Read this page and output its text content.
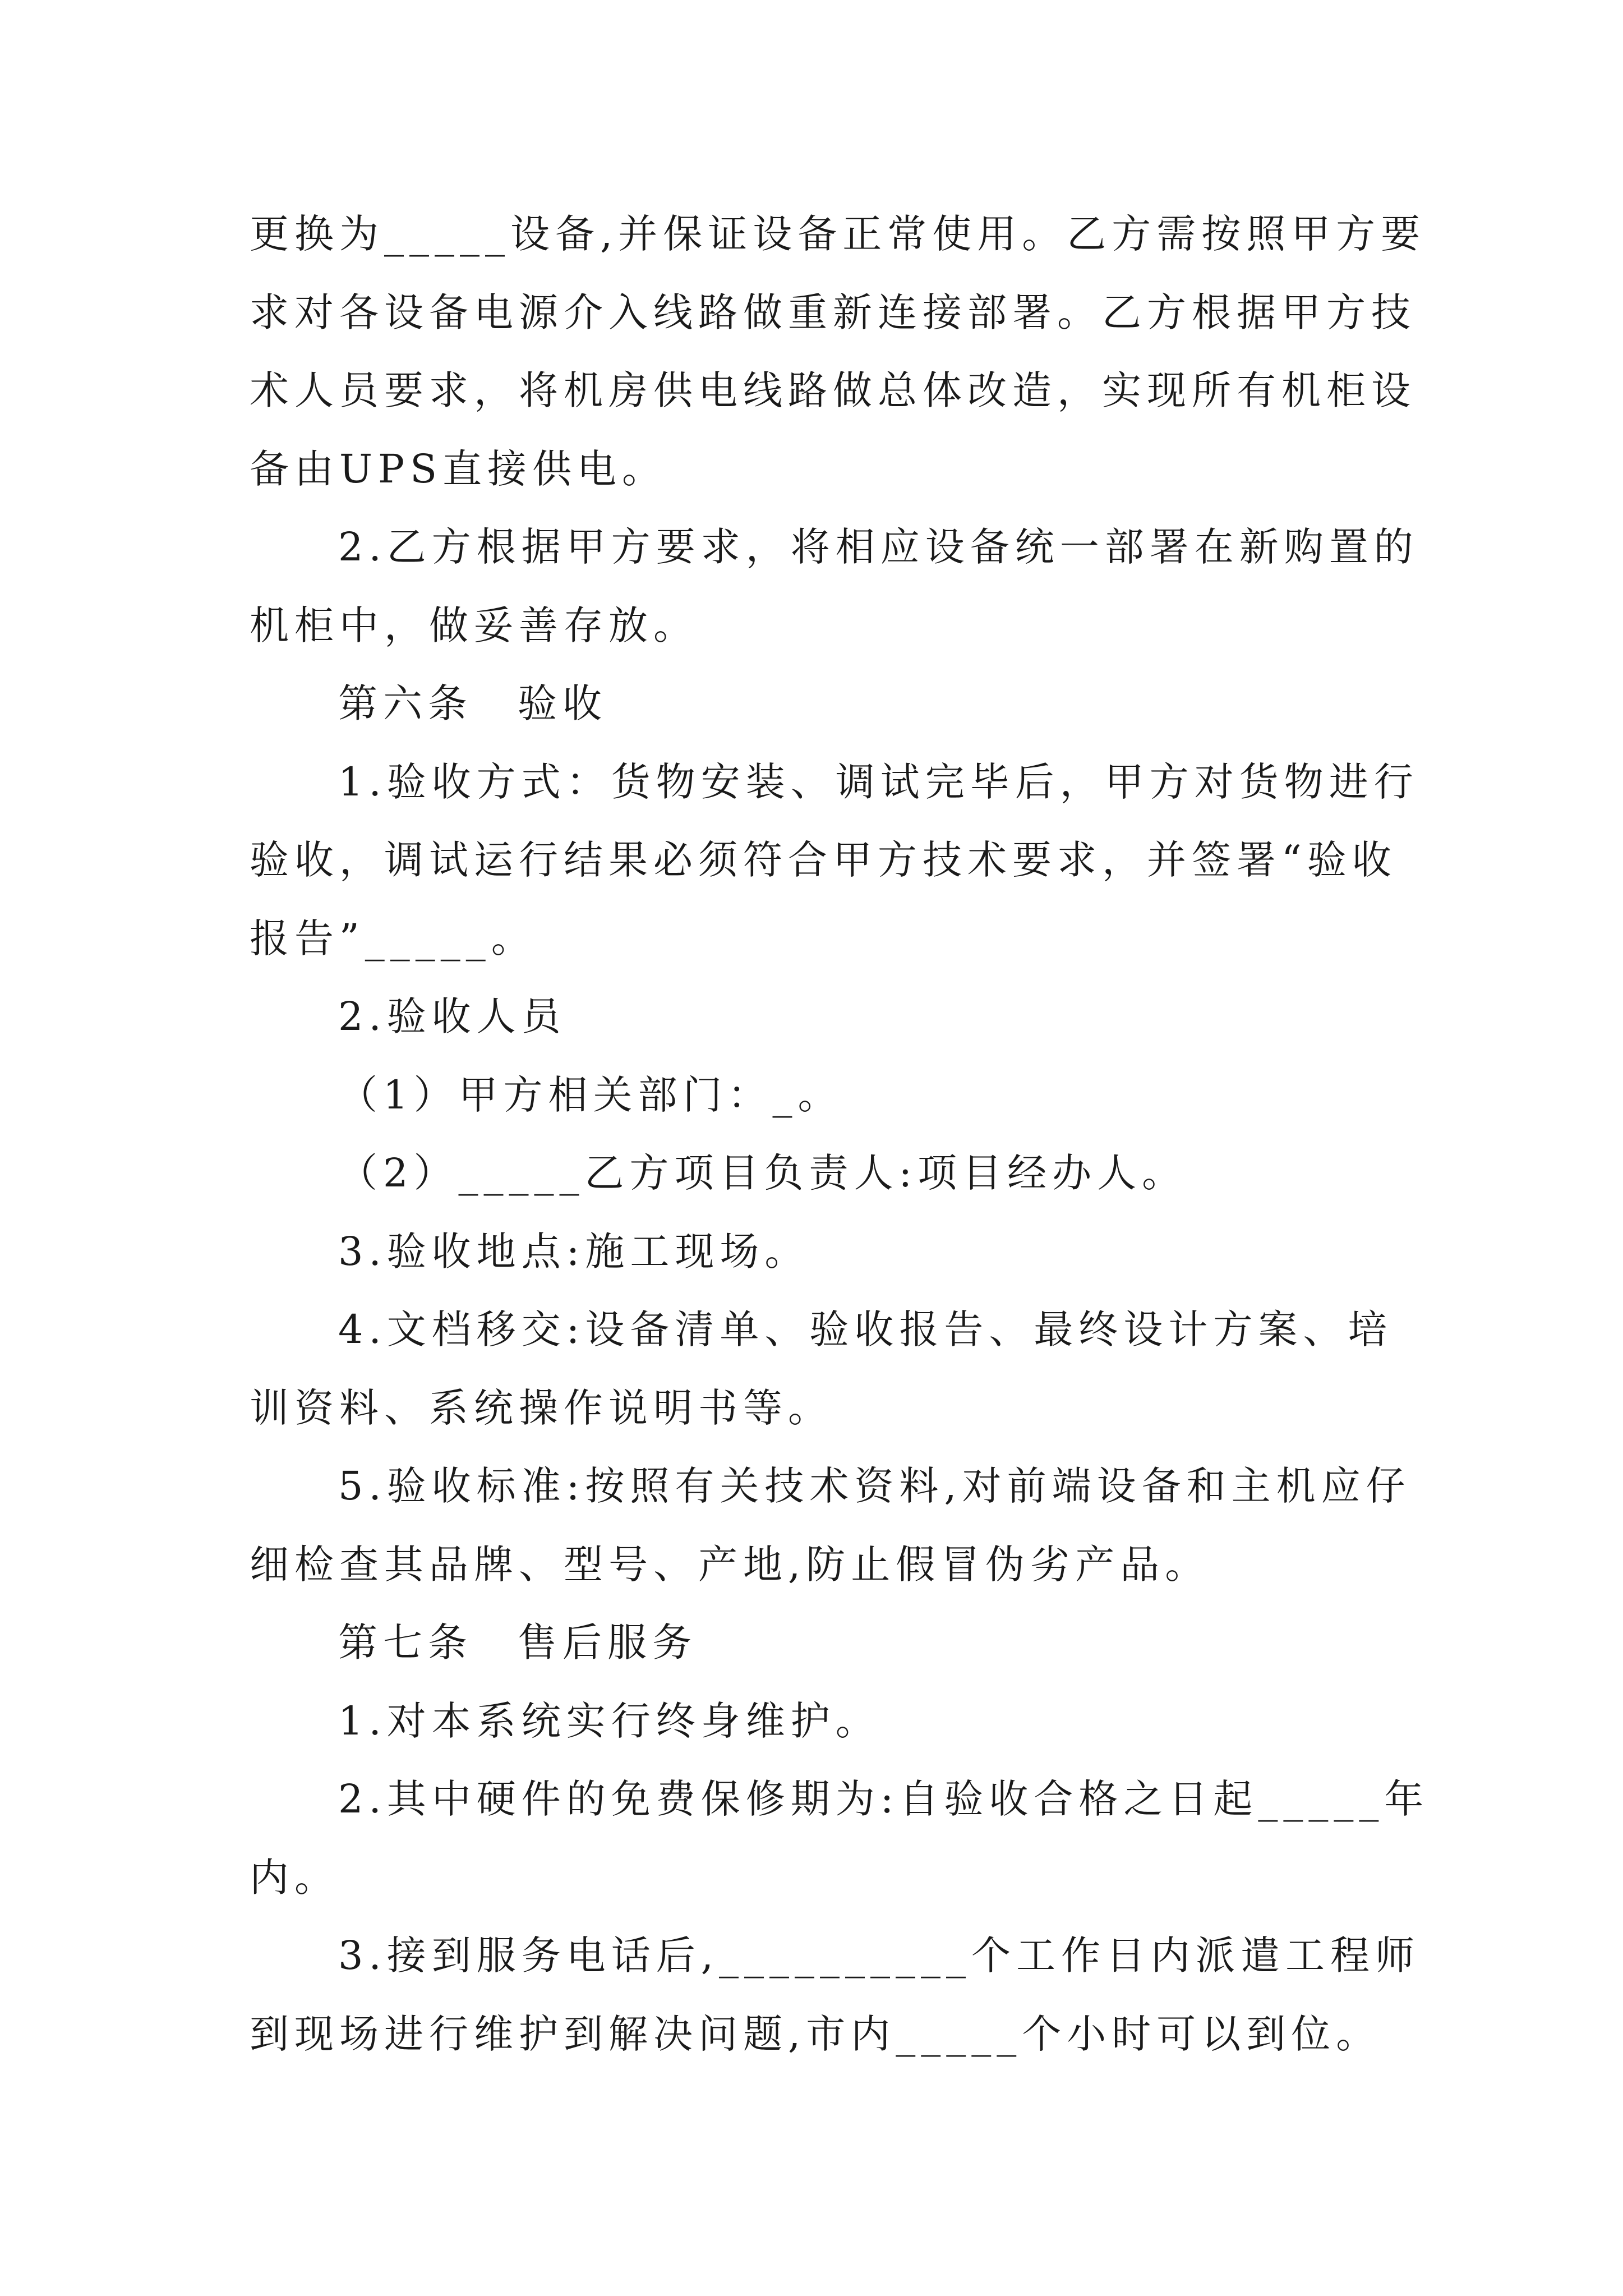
更换为_____设备,并保证设备正常使用。乙方需按照甲方要
求对各设备电源介入线路做重新连接部署。乙方根据甲方技
术人员要求，将机房供电线路做总体改造，实现所有机柜设
备由UPS直接供电。
2.乙方根据甲方要求，将相应设备统一部署在新购置的
机柜中，做妥善存放。
第六条　验收
1.验收方式：货物安装、调试完毕后，甲方对货物进行
验收，调试运行结果必须符合甲方技术要求，并签署“验收
报告”_____。
2.验收人员
（1）甲方相关部门：_。
（2）_____乙方项目负责人:项目经办人。
3.验收地点:施工现场。
4.文档移交:设备清单、验收报告、最终设计方案、培
训资料、系统操作说明书等。
5.验收标准:按照有关技术资料,对前端设备和主机应仔
细检查其品牌、型号、产地,防止假冒伪劣产品。
第七条　售后服务
1.对本系统实行终身维护。
2.其中硬件的免费保修期为:自验收合格之日起_____年
内。
3.接到服务电话后,__________个工作日内派遣工程师
到现场进行维护到解决问题,市内_____个小时可以到位。
